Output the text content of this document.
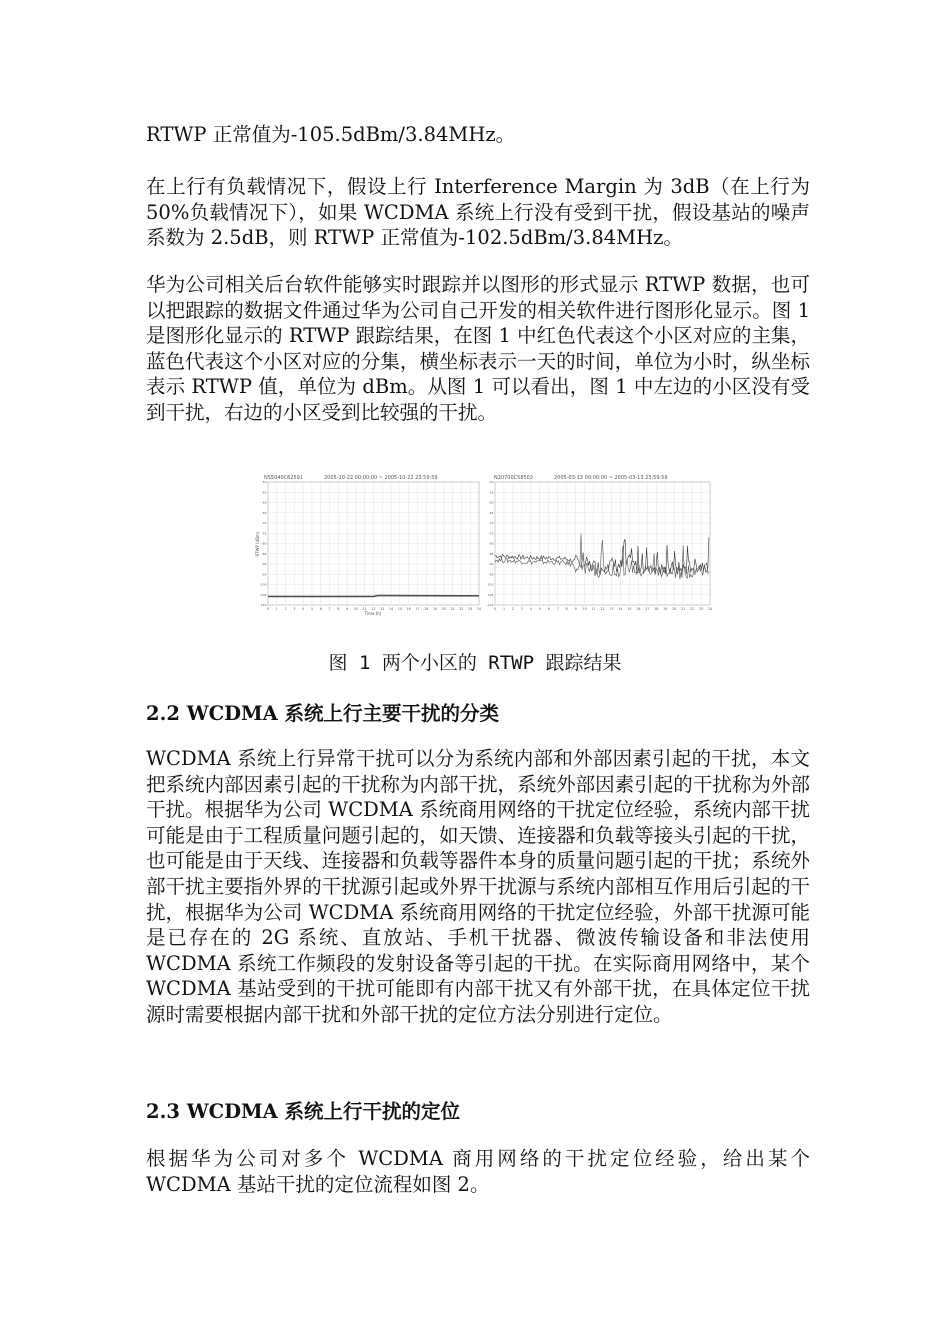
RTWP 正常值为-105.5dBm/3.84MHz。

在上行有负载情况下，假设上行 Interference Margin 为 3dB（在上行为 50%负载情况下），如果 WCDMA 系统上行没有受到干扰，假设基站的噪声系数为 2.5dB，则 RTWP 正常值为-102.5dBm/3.84MHz。

华为公司相关后台软件能够实时跟踪并以图形的形式显示 RTWP 数据，也可以把跟踪的数据文件通过华为公司自己开发的相关软件进行图形化显示。图 1 是图形化显示的 RTWP 跟踪结果，在图 1 中红色代表这个小区对应的主集，蓝色代表这个小区对应的分集，横坐标表示一天的时间，单位为小时，纵坐标表示 RTWP 值，单位为 dBm。从图 1 可以看出，图 1 中左边的小区没有受到干扰，右边的小区受到比较强的干扰。

NS5040C62591	2005-10-22 00:00:00 ~ 2005-10-22 23:59:59
0 1 2 3 4 5 6 7 8 9 10 11 12 13 14 15 16 17 18 19 20 21 22 23 24
-50
-55
-60
-65
-70
-75
-80
-85
-90
-95
-100
-105
-110
N20700C58502	2005-03-13 00:00:00 ~ 2005-03-13 23:59:59
0 1 2 3 4 5 6 7 8 9 10 11 12 13 14 15 16 17 18 19 20 21 22 23 24
-50
-55
-60
-65
-70
-75
-80
-85
-90
-95
-100
-105
-110
RTWP (dBm)
Time (h)
图 1 两个小区的 RTWP 跟踪结果

2.2 WCDMA 系统上行主要干扰的分类

WCDMA 系统上行异常干扰可以分为系统内部和外部因素引起的干扰，本文把系统内部因素引起的干扰称为内部干扰，系统外部因素引起的干扰称为外部干扰。根据华为公司 WCDMA 系统商用网络的干扰定位经验，系统内部干扰可能是由于工程质量问题引起的，如天馈、连接器和负载等接头引起的干扰，也可能是由于天线、连接器和负载等器件本身的质量问题引起的干扰；系统外部干扰主要指外界的干扰源引起或外界干扰源与系统内部相互作用后引起的干扰，根据华为公司 WCDMA 系统商用网络的干扰定位经验，外部干扰源可能是已存在的 2G 系统、直放站、手机干扰器、微波传输设备和非法使用 WCDMA 系统工作频段的发射设备等引起的干扰。在实际商用网络中，某个 WCDMA 基站受到的干扰可能即有内部干扰又有外部干扰，在具体定位干扰源时需要根据内部干扰和外部干扰的定位方法分别进行定位。

2.3 WCDMA 系统上行干扰的定位

根据华为公司对多个 WCDMA 商用网络的干扰定位经验，给出某个 WCDMA 基站干扰的定位流程如图 2。
